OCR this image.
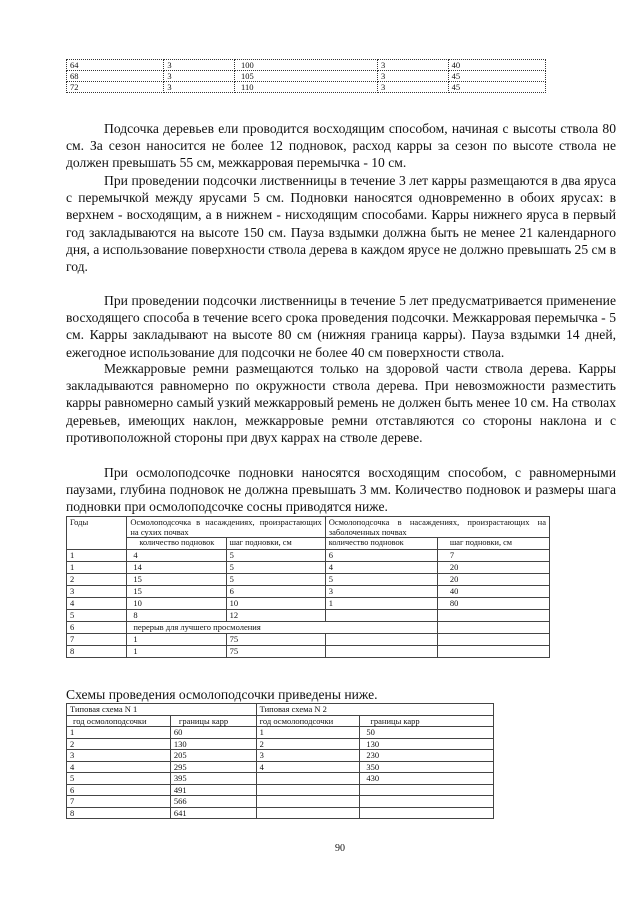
64	3	100	3	40
68	3	105	3	45
72	3	110	3	45

Подсочка деревьев ели проводится восходящим способом, начиная с высоты ствола 80 см. За сезон наносится не более 12 подновок, расход карры за сезон по высоте ствола не должен превышать 55 см, межкарровая перемычка - 10 см.

При проведении подсочки лиственницы в течение 3 лет карры размещаются в два яруса с перемычкой между ярусами 5 см. Подновки наносятся одновременно в обоих ярусах: в верхнем - восходящим, а в нижнем - нисходящим способами. Карры нижнего яруса в первый год закладываются на высоте 150 см. Пауза вздымки должна быть не менее 21 календарного дня, а использование поверхности ствола дерева в каждом ярусе не должно превышать 25 см в год.

При проведении подсочки лиственницы в течение 5 лет предусматривается применение восходящего способа в течение всего срока проведения подсочки. Межкарровая перемычка - 5 см. Карры закладывают на высоте 80 см (нижняя граница карры). Пауза вздымки 14 дней, ежегодное использование для подсочки не более 40 см поверхности ствола.

Межкарровые ремни размещаются только на здоровой части ствола дерева. Карры закладываются равномерно по окружности ствола дерева. При невозможности разместить карры равномерно самый узкий межкарровый ремень не должен быть менее 10 см. На стволах деревьев, имеющих наклон, межкарровые ремни отставляются со стороны наклона и с противоположной стороны при двух каррах на стволе дереве.

При осмолоподсочке подновки наносятся восходящим способом, с равномерными паузами, глубина подновок не должна превышать 3 мм. Количество подновок и размеры шага подновки при осмолоподсочке сосны приводятся ниже.

Годы	Осмолоподсочка в насаждениях, произрастающих на сухих почвах		Осмолоподсочка в насаждениях, произрастающих на заболоченных почвах	
	количество подновок	шаг подновки, см	количество подновок	шаг подновки, см
1	4	5	6	7
1	14	5	4	20
2	15	5	5	20
3	15	6	3	40
4	10	10	1	80
5	8	12		
6	перерыв для лучшего просмоления			
7	1	75		
8	1	75		
Схемы проведения осмолоподсочки приведены ниже.
Типовая схема N 1		Типовая схема N 2	
год осмолоподсочки	границы карр	год осмолоподсочки	границы карр
1	60	1	50
2	130	2	130
3	205	3	230
4	295	4	350
5	395		430
6	491		
7	566		
8	641		
90
